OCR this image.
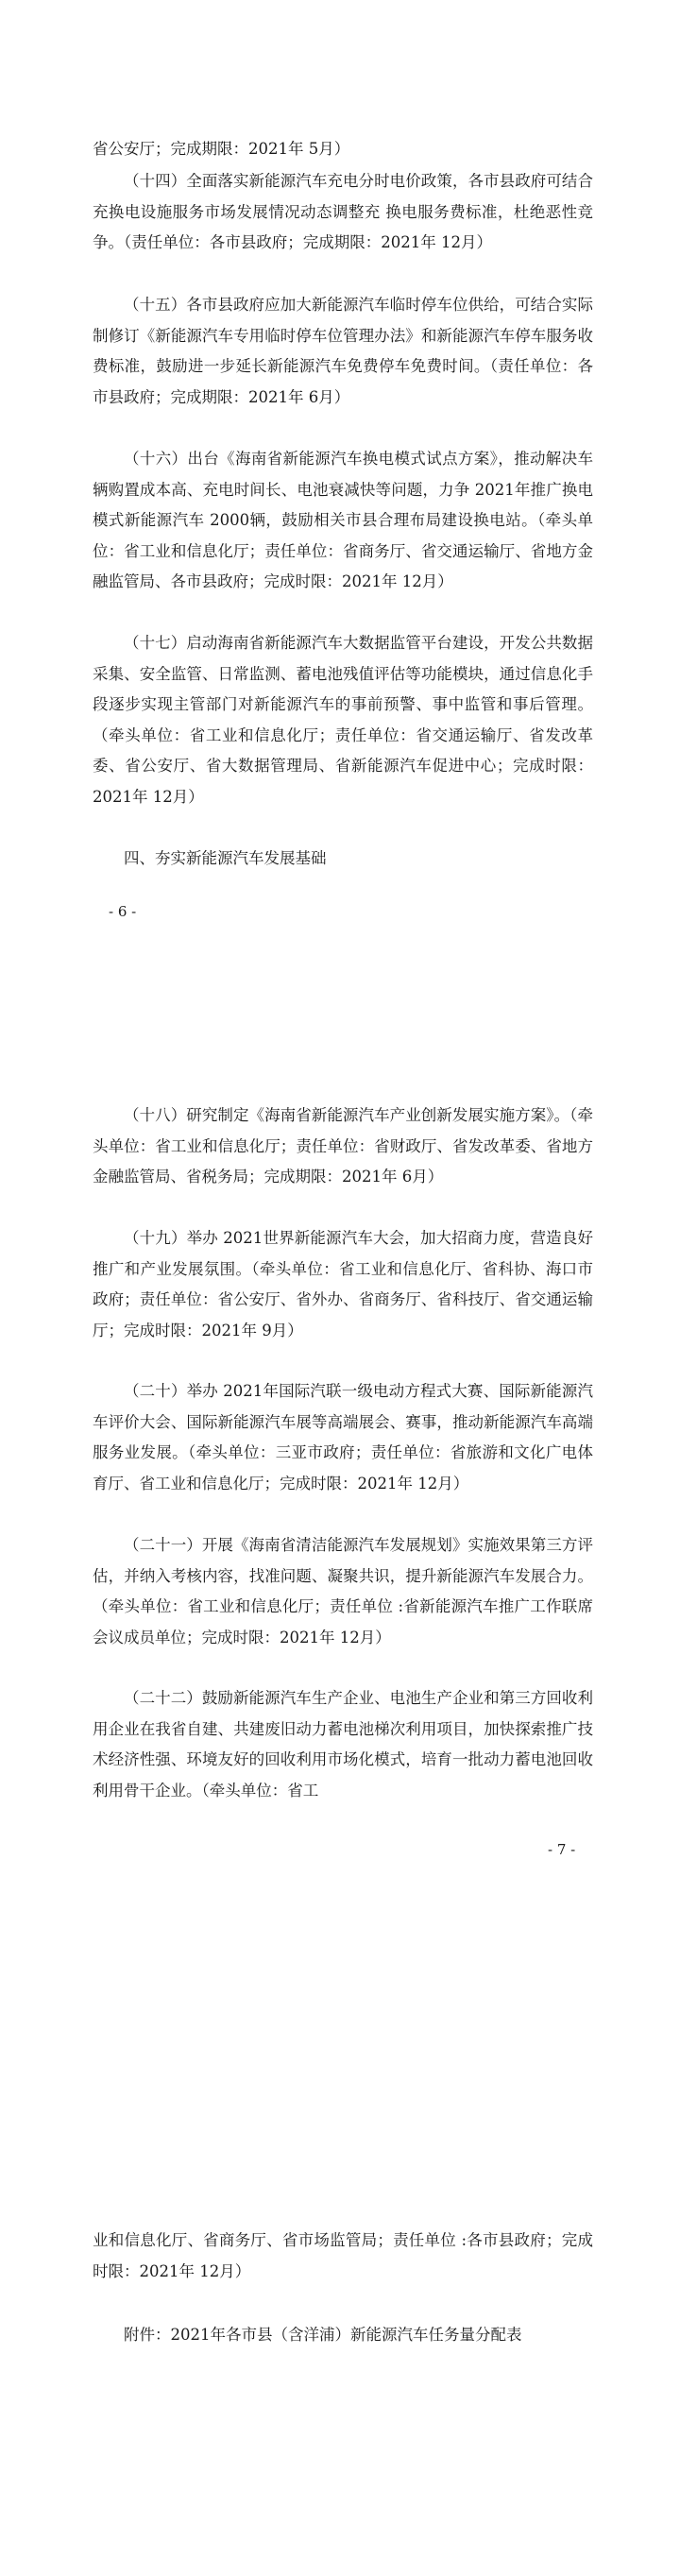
省公安厅；完成期限：2021年 5月）

（十四）全面落实新能源汽车充电分时电价政策，各市县政府可结合充换电设施服务市场发展情况动态调整充 换电服务费标准，杜绝恶性竞争。（责任单位：各市县政府；完成期限：2021年 12月）

（十五）各市县政府应加大新能源汽车临时停车位供给，可结合实际制修订《新能源汽车专用临时停车位管理办法》和新能源汽车停车服务收费标准，鼓励进一步延长新能源汽车免费停车免费时间。（责任单位：各市县政府；完成期限：2021年 6月）

（十六）出台《海南省新能源汽车换电模式试点方案》，推动解决车辆购置成本高、充电时间长、电池衰减快等问题，力争 2021年推广换电模式新能源汽车 2000辆，鼓励相关市县合理布局建设换电站。（牵头单位：省工业和信息化厅；责任单位：省商务厅、省交通运输厅、省地方金融监管局、各市县政府；完成时限：2021年 12月）

（十七）启动海南省新能源汽车大数据监管平台建设，开发公共数据采集、安全监管、日常监测、蓄电池残值评估等功能模块，通过信息化手段逐步实现主管部门对新能源汽车的事前预警、事中监管和事后管理。（牵头单位：省工业和信息化厅；责任单位：省交通运输厅、省发改革委、省公安厅、省大数据管理局、省新能源汽车促进中心；完成时限：2021年 12月）

四、夯实新能源汽车发展基础

- 6 -

（十八）研究制定《海南省新能源汽车产业创新发展实施方案》。（牵头单位：省工业和信息化厅；责任单位：省财政厅、省发改革委、省地方金融监管局、省税务局；完成期限：2021年 6月）

（十九）举办 2021世界新能源汽车大会，加大招商力度，营造良好推广和产业发展氛围。（牵头单位：省工业和信息化厅、省科协、海口市政府；责任单位：省公安厅、省外办、省商务厅、省科技厅、省交通运输厅；完成时限：2021年 9月）

（二十）举办 2021年国际汽联一级电动方程式大赛、国际新能源汽车评价大会、国际新能源汽车展等高端展会、赛事，推动新能源汽车高端服务业发展。（牵头单位：三亚市政府；责任单位：省旅游和文化广电体育厅、省工业和信息化厅；完成时限：2021年 12月）

（二十一）开展《海南省清洁能源汽车发展规划》实施效果第三方评估，并纳入考核内容，找准问题、凝聚共识，提升新能源汽车发展合力。（牵头单位：省工业和信息化厅；责任单位 :省新能源汽车推广工作联席会议成员单位；完成时限：2021年 12月）

（二十二）鼓励新能源汽车生产企业、电池生产企业和第三方回收利用企业在我省自建、共建废旧动力蓄电池梯次利用项目，加快探索推广技术经济性强、环境友好的回收利用市场化模式，培育一批动力蓄电池回收利用骨干企业。（牵头单位：省工

- 7 -

业和信息化厅、省商务厅、省市场监管局；责任单位 :各市县政府；完成时限：2021年 12月）

附件：2021年各市县（含洋浦）新能源汽车任务量分配表
